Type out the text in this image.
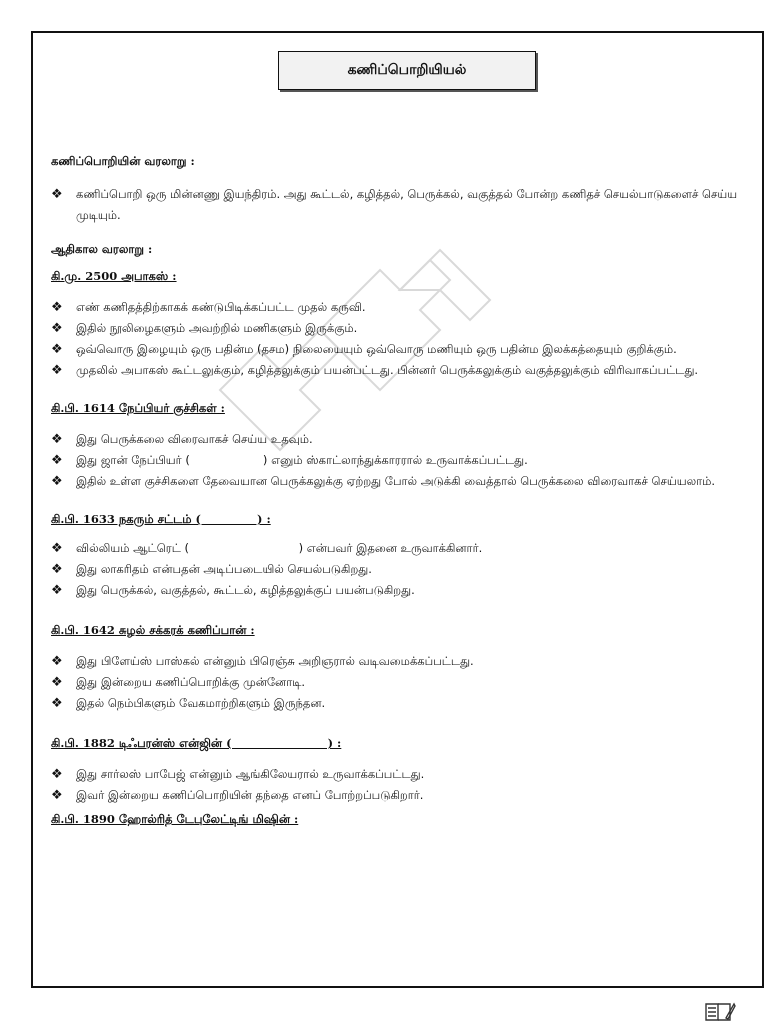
கணிப்பொறியியல்

கணிப்பொறியின் வரலாறு :

❖ கணிப்பொறி ஒரு மின்னணு இயந்திரம். அது கூட்டல், கழித்தல், பெருக்கல், வகுத்தல் போன்ற கணிதச் செயல்பாடுகளைச் செய்ய முடியும்.

ஆதிகால வரலாறு :

கி.மு. 2500 அபாகஸ் :

❖ எண் கணிதத்திற்காகக் கண்டுபிடிக்கப்பட்ட முதல் கருவி.

❖ இதில் நூலிழைகளும் அவற்றில் மணிகளும் இருக்கும்.

❖ ஒவ்வொரு இழையும் ஒரு பதின்ம (தசம) நிலையையும் ஒவ்வொரு மணியும் ஒரு பதின்ம இலக்கத்தையும் குறிக்கும்.

❖ முதலில் அபாகஸ் கூட்டலுக்கும், கழித்தலுக்கும் பயன்பட்டது. பின்னர் பெருக்கலுக்கும் வகுத்தலுக்கும் விரிவாகப்பட்டது.

கி.பி. 1614 நேப்பியர் குச்சிகள் :

❖ இது பெருக்கலை விரைவாகச் செய்ய உதவும்.

❖ இது ஜான் நேப்பியர் (                    ) எனும் ஸ்காட்லாந்துக்காரரால் உருவாக்கப்பட்டது.

❖ இதில் உள்ள குச்சிகளை தேவையான பெருக்கலுக்கு ஏற்றது போல் அடுக்கி வைத்தால் பெருக்கலை விரைவாகச் செய்யலாம்.

கி.பி. 1633 நகரும் சட்டம் (              ) :

❖ வில்லியம் ஆட்ரெட் (                              ) என்பவர் இதனை உருவாக்கினார்.

❖ இது லாகரிதம் என்பதன் அடிப்படையில் செயல்படுகிறது.

❖ இது பெருக்கல், வகுத்தல், கூட்டல், கழித்தலுக்குப் பயன்படுகிறது.

கி.பி. 1642 சுழல் சக்கரக் கணிப்பான் :

❖ இது பிளேய்ஸ் பாஸ்கல் என்னும் பிரெஞ்சு அறிஞரால் வடிவமைக்கப்பட்டது.

❖ இது இன்றைய கணிப்பொறிக்கு முன்னோடி.

❖ இதல் நெம்பிகளும் வேகமாற்றிகளும் இருந்தன.

கி.பி. 1882 டிஃபரன்ஸ் என்ஜின் (                        ) :

❖ இது சார்லஸ் பாபேஜ் என்னும் ஆங்கிலேயரால் உருவாக்கப்பட்டது.

❖ இவர் இன்றைய கணிப்பொறியின் தந்தை எனப் போற்றப்படுகிறார்.

கி.பி. 1890 ஹோல்ரித் டேபுலேட்டிங் மிஷின் :
